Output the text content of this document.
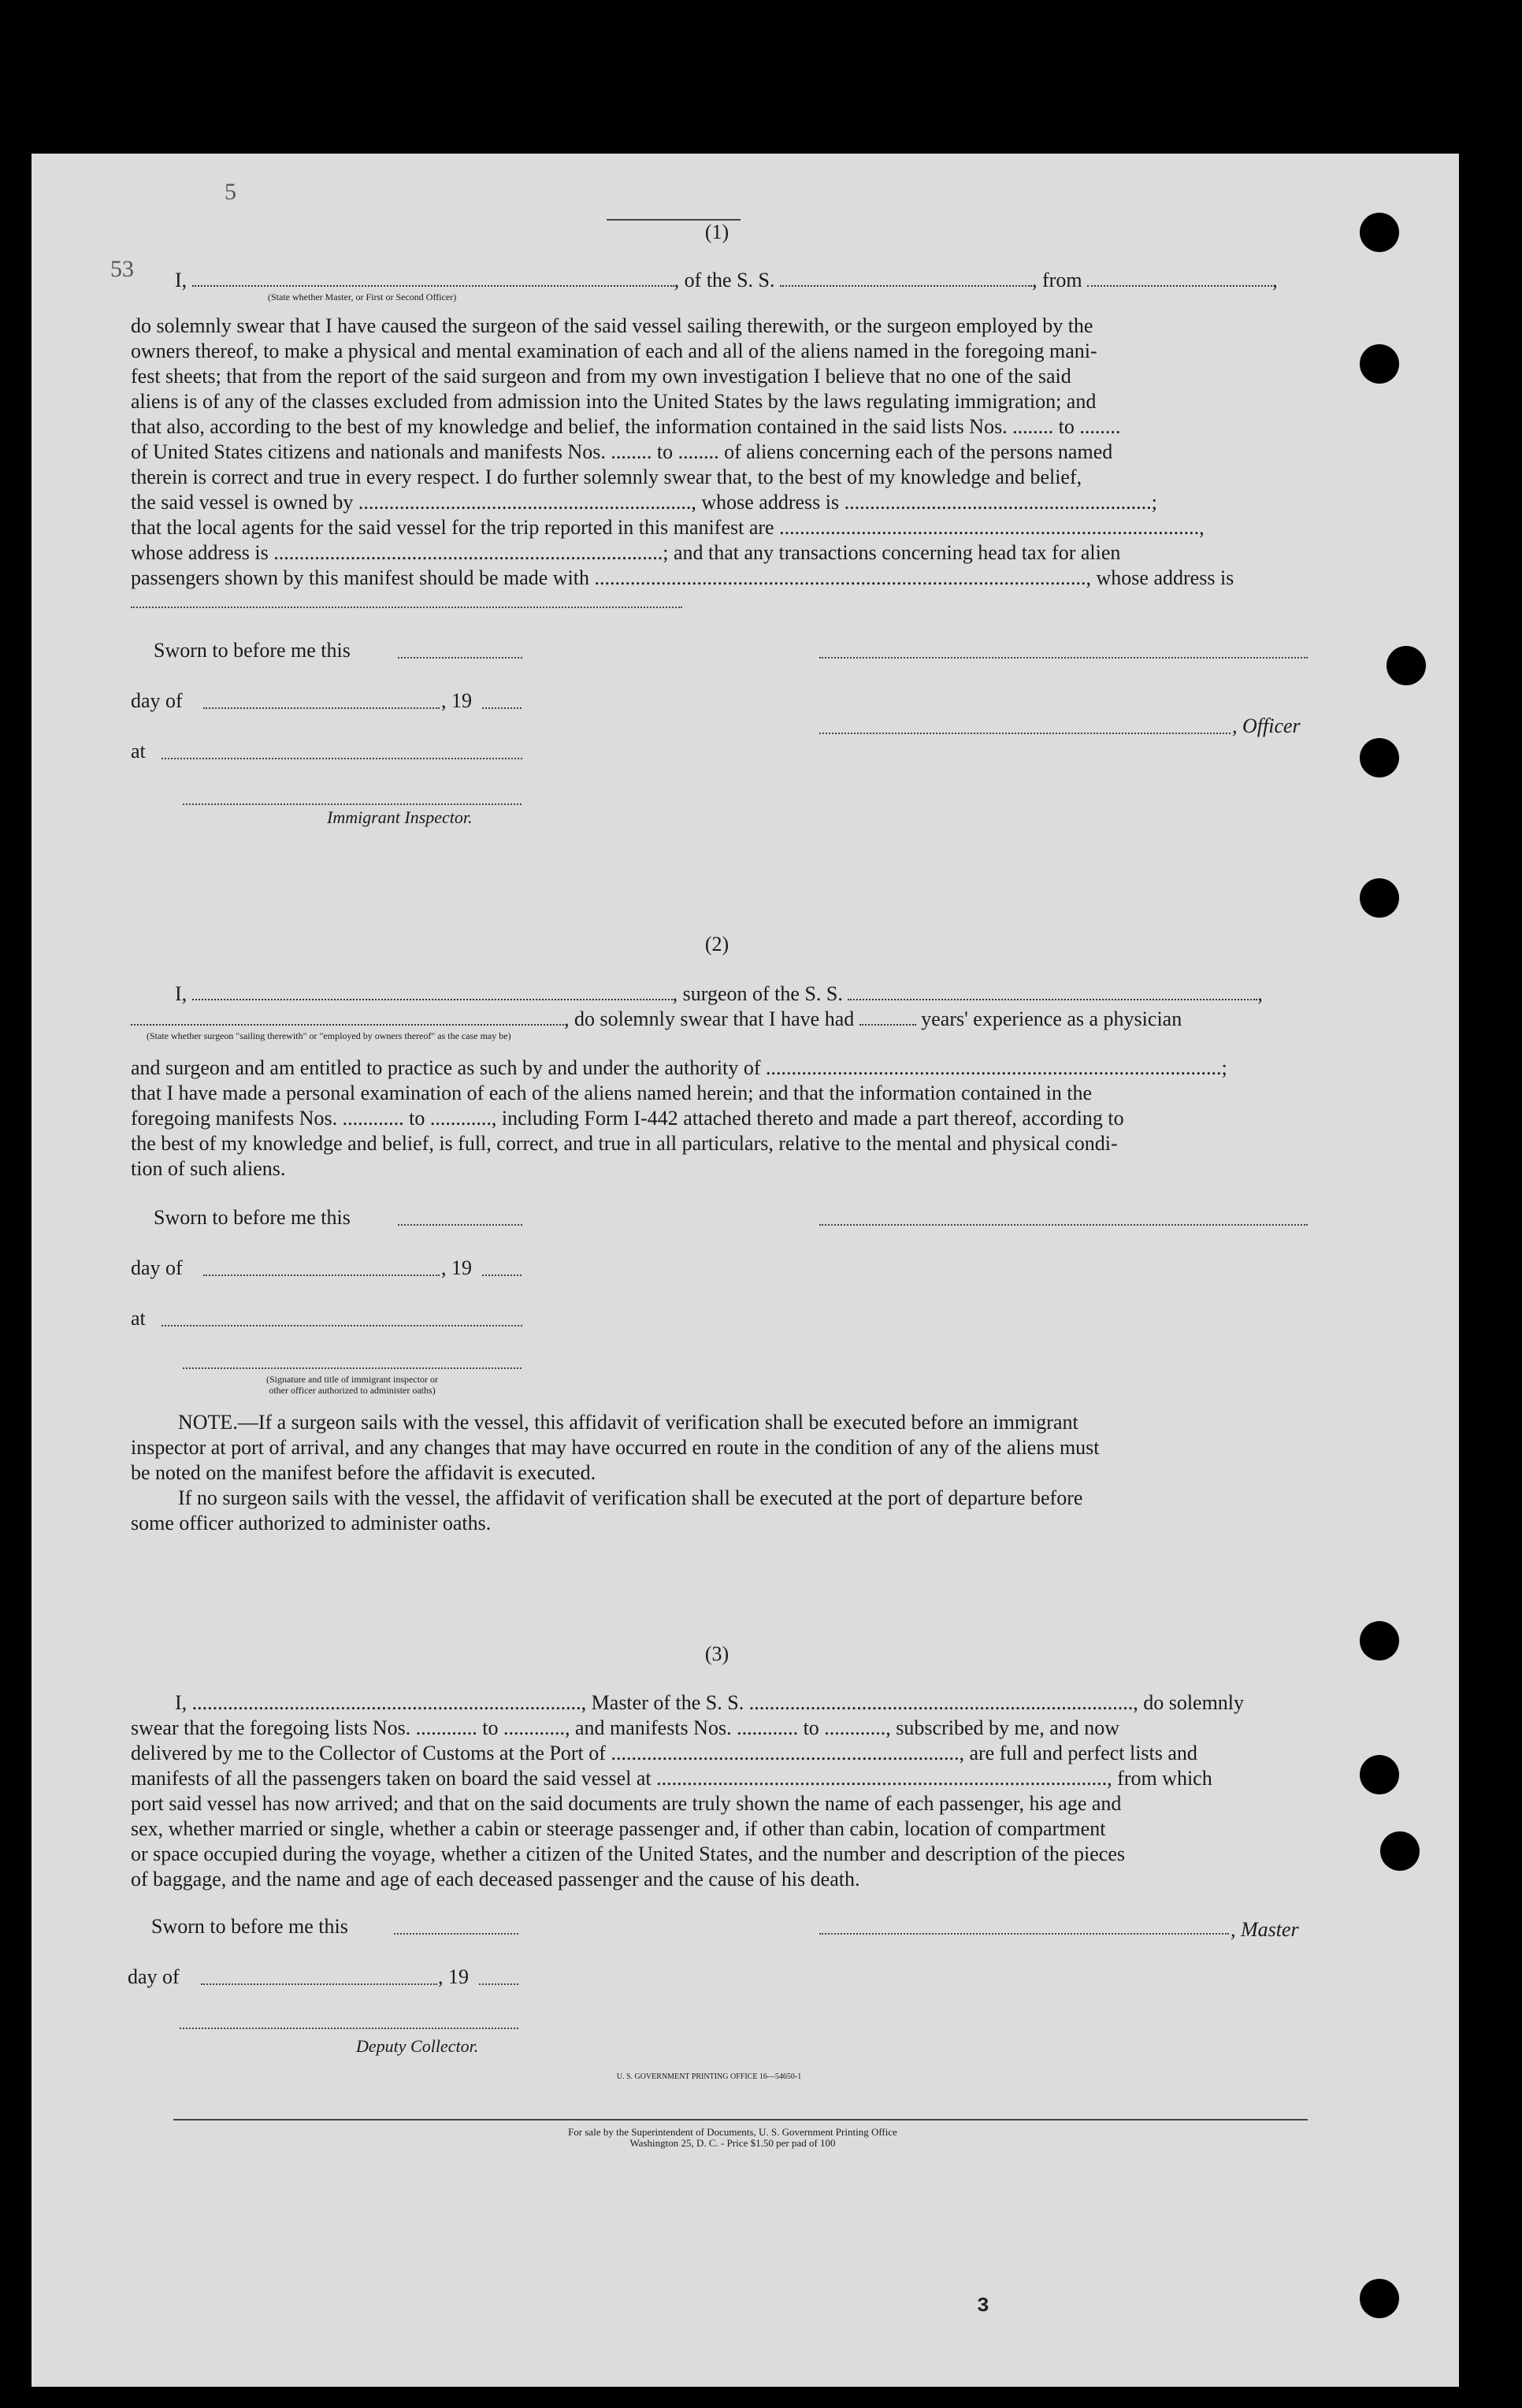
5
53
(1)
I,	, of the S. S.	, from	,
(State whether Master, or First or Second Officer)
do solemnly swear that I have caused the surgeon of the said vessel sailing therewith, or the surgeon employed by the
owners thereof, to make a physical and mental examination of each and all of the aliens named in the foregoing mani-
fest sheets; that from the report of the said surgeon and from my own investigation I believe that no one of the said
aliens is of any of the classes excluded from admission into the United States by the laws regulating immigration; and
that also, according to the best of my knowledge and belief, the information contained in the said lists Nos. ........ to ........
of United States citizens and nationals and manifests Nos. ........ to ........ of aliens concerning each of the persons named
therein is correct and true in every respect. I do further solemnly swear that, to the best of my knowledge and belief,
the said vessel is owned by ................................................................., whose address is ............................................................;
that the local agents for the said vessel for the trip reported in this manifest are ..................................................................................,
whose address is ............................................................................; and that any transactions concerning head tax for alien
passengers shown by this manifest should be made with ................................................................................................, whose address is
Sworn to before me this
day of	, 19
, Officer
at
Immigrant Inspector.
(2)
I,	, surgeon of the S. S.	,
, do solemnly swear that I have had	years' experience as a physician
(State whether surgeon "sailing therewith" or "employed by owners thereof" as the case may be)
and surgeon and am entitled to practice as such by and under the authority of .........................................................................................;
that I have made a personal examination of each of the aliens named herein; and that the information contained in the
foregoing manifests Nos. ............ to ............, including Form I-442 attached thereto and made a part thereof, according to
the best of my knowledge and belief, is full, correct, and true in all particulars, relative to the mental and physical condi-
tion of such aliens.
Sworn to before me this
day of	, 19
at
(Signature and title of immigrant inspector or
other officer authorized to administer oaths)
NOTE.—If a surgeon sails with the vessel, this affidavit of verification shall be executed before an immigrant
inspector at port of arrival, and any changes that may have occurred en route in the condition of any of the aliens must
be noted on the manifest before the affidavit is executed.
If no surgeon sails with the vessel, the affidavit of verification shall be executed at the port of departure before
some officer authorized to administer oaths.
(3)
I, ............................................................................, Master of the S. S. ..........................................................................., do solemnly
swear that the foregoing lists Nos. ............ to ............, and manifests Nos. ............ to ............, subscribed by me, and now
delivered by me to the Collector of Customs at the Port of ...................................................................., are full and perfect lists and
manifests of all the passengers taken on board the said vessel at ........................................................................................, from which
port said vessel has now arrived; and that on the said documents are truly shown the name of each passenger, his age and
sex, whether married or single, whether a cabin or steerage passenger and, if other than cabin, location of compartment
or space occupied during the voyage, whether a citizen of the United States, and the number and description of the pieces
of baggage, and the name and age of each deceased passenger and the cause of his death.
Sworn to before me this	, Master
day of	, 19
Deputy Collector.
U. S. GOVERNMENT PRINTING OFFICE 16—54650-1
For sale by the Superintendent of Documents, U. S. Government Printing Office
Washington 25, D. C. - Price $1.50 per pad of 100
3
